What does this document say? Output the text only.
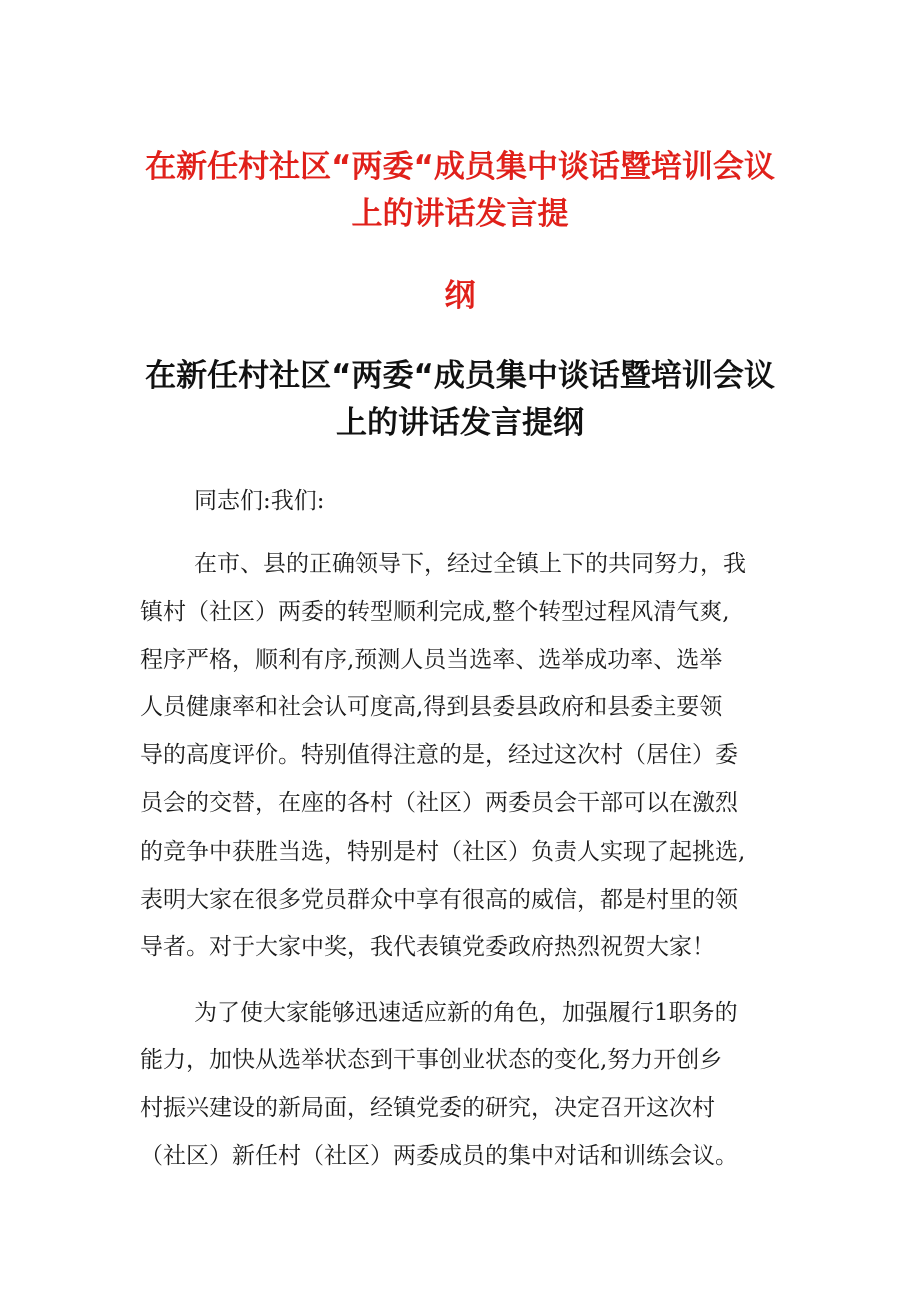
在新任村社区“两委“成员集中谈话暨培训会议
上的讲话发言提
纲
在新任村社区“两委“成员集中谈话暨培训会议
上的讲话发言提纲
同志们:我们:
在市、县的正确领导下，经过全镇上下的共同努力，我
镇村（社区）两委的转型顺利完成,整个转型过程风清气爽,
程序严格，顺利有序,预测人员当选率、选举成功率、选举
人员健康率和社会认可度高,得到县委县政府和县委主要领
导的高度评价。特别值得注意的是，经过这次村（居住）委
员会的交替，在座的各村（社区）两委员会干部可以在激烈
的竞争中获胜当选，特别是村（社区）负责人实现了起挑选,
表明大家在很多党员群众中享有很高的威信，都是村里的领
导者。对于大家中奖，我代表镇党委政府热烈祝贺大家！
为了使大家能够迅速适应新的角色，加强履行1职务的
能力，加快从选举状态到干事创业状态的变化,努力开创乡
村振兴建设的新局面，经镇党委的研究，决定召开这次村
（社区）新任村（社区）两委成员的集中对话和训练会议。
